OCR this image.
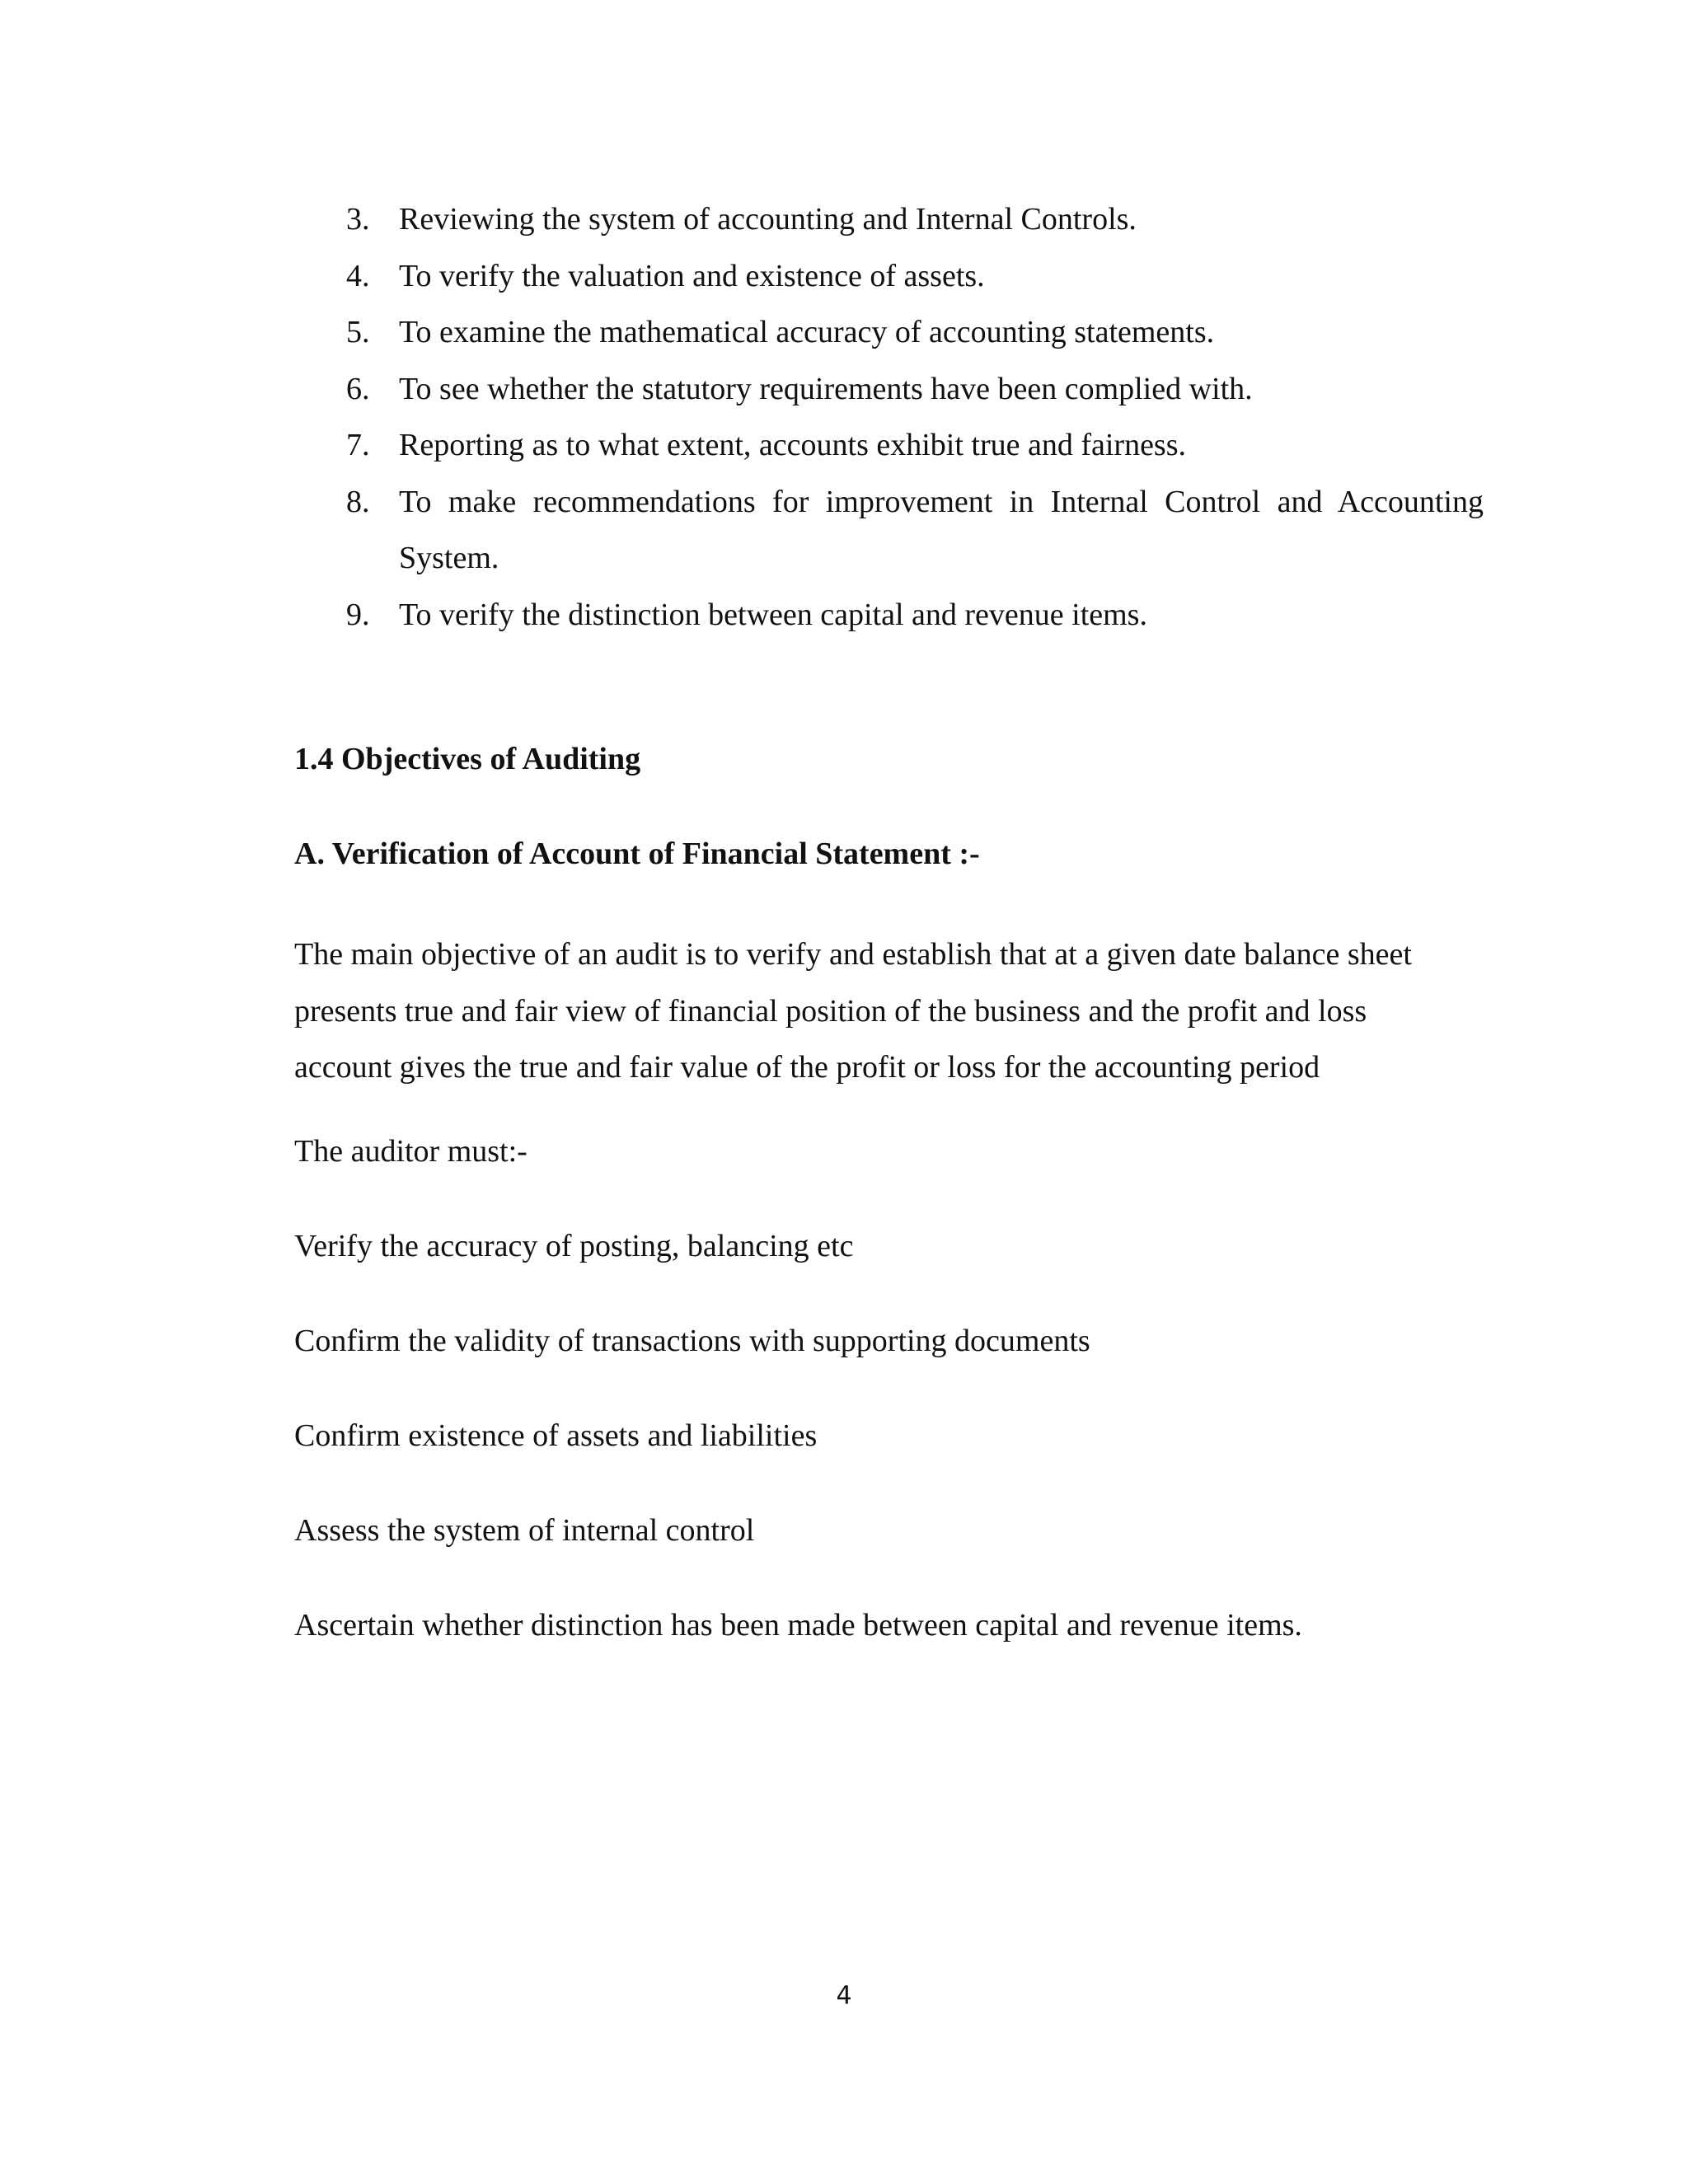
3. Reviewing the system of accounting and Internal Controls.
4. To verify the valuation and existence of assets.
5. To examine the mathematical accuracy of accounting statements.
6. To see whether the statutory requirements have been complied with.
7. Reporting as to what extent, accounts exhibit true and fairness.
8. To make recommendations for improvement in Internal Control and Accounting System.
9. To verify the distinction between capital and revenue items.
1.4 Objectives of Auditing
A. Verification of Account of Financial Statement :-

The main objective of an audit is to verify and establish that at a given date balance sheet presents true and fair view of financial position of the business and the profit and loss account gives the true and fair value of the profit or loss for the accounting period

The auditor must:-

Verify the accuracy of posting, balancing etc

Confirm the validity of transactions with supporting documents

Confirm existence of assets and liabilities

Assess the system of internal control

Ascertain whether distinction has been made between capital and revenue items.

4
